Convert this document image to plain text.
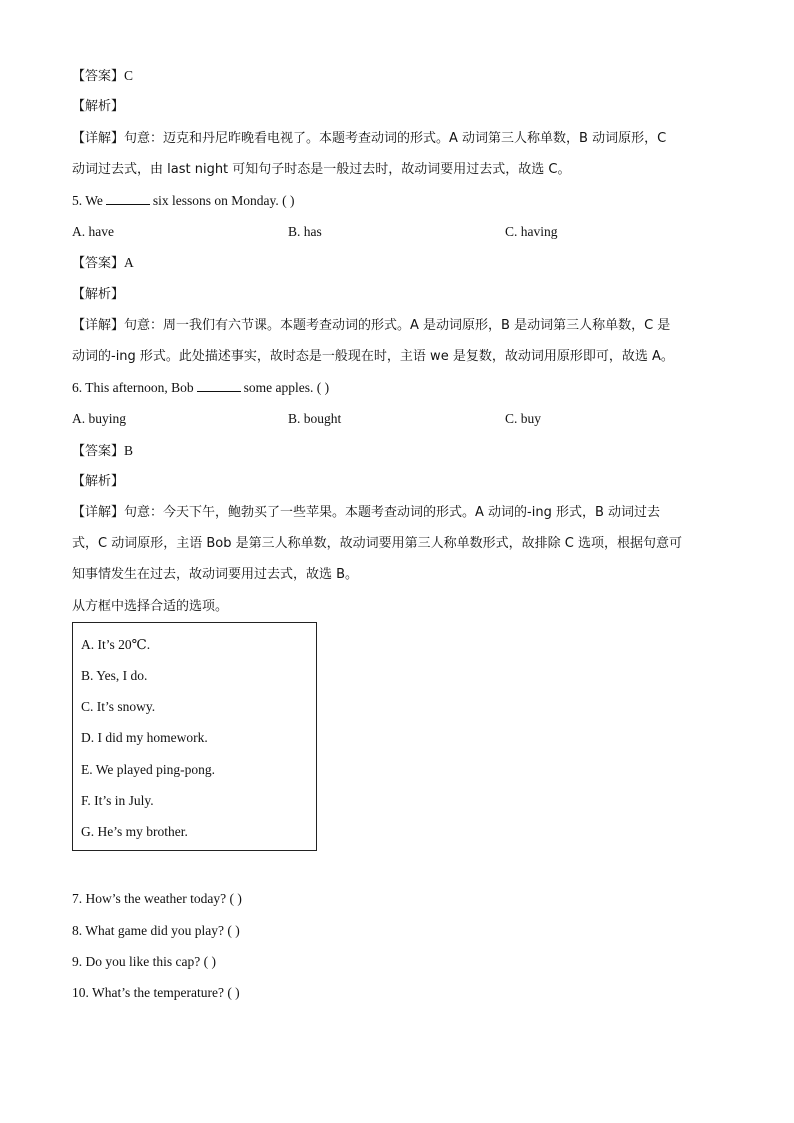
【答案】C
【解析】
【详解】句意：迈克和丹尼昨晚看电视了。本题考查动词的形式。A 动词第三人称单数，B 动词原形，C
动词过去式，由 last night 可知句子时态是一般过去时，故动词要用过去式，故选 C。
5. We	six lessons on Monday. ( )
A. have	B. has	C. having
【答案】A
【解析】
【详解】句意：周一我们有六节课。本题考查动词的形式。A 是动词原形，B 是动词第三人称单数，C 是
动词的-ing 形式。此处描述事实，故时态是一般现在时，主语 we 是复数，故动词用原形即可，故选 A。
6. This afternoon, Bob	some apples. ( )
A. buying	B. bought	C. buy
【答案】B
【解析】
【详解】句意：今天下午，鲍勃买了一些苹果。本题考查动词的形式。A 动词的-ing 形式，B 动词过去
式，C 动词原形，主语 Bob 是第三人称单数，故动词要用第三人称单数形式，故排除 C 选项，根据句意可
知事情发生在过去，故动词要用过去式，故选 B。
从方框中选择合适的选项。
A. It’s 20℃.
B. Yes, I do.
C. It’s snowy.
D. I did my homework.
E. We played ping-pong.
F. It’s in July.
G. He’s my brother.
7. How’s the weather today? ( )
8. What game did you play? ( )
9. Do you like this cap? ( )
10. What’s the temperature? ( )
